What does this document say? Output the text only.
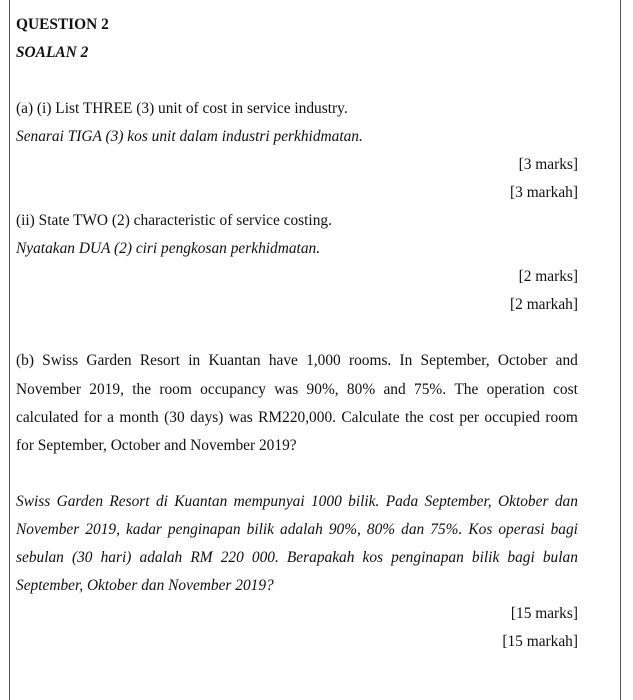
QUESTION 2
SOALAN 2
(a) (i) List THREE (3) unit of cost in service industry.
Senarai TIGA (3) kos unit dalam industri perkhidmatan.
[3 marks]
[3 markah]
(ii) State TWO (2) characteristic of service costing.
Nyatakan DUA (2) ciri pengkosan perkhidmatan.
[2 marks]
[2 markah]
(b) Swiss Garden Resort in Kuantan have 1,000 rooms. In September, October and
November 2019, the room occupancy was 90%, 80% and 75%. The operation cost
calculated for a month (30 days) was RM220,000. Calculate the cost per occupied room
for September, October and November 2019?
Swiss Garden Resort di Kuantan mempunyai 1000 bilik. Pada September, Oktober dan
November 2019, kadar penginapan bilik adalah 90%, 80% dan 75%. Kos operasi bagi
sebulan (30 hari) adalah RM 220 000. Berapakah kos penginapan bilik bagi bulan
September, Oktober dan November 2019?
[15 marks]
[15 markah]
